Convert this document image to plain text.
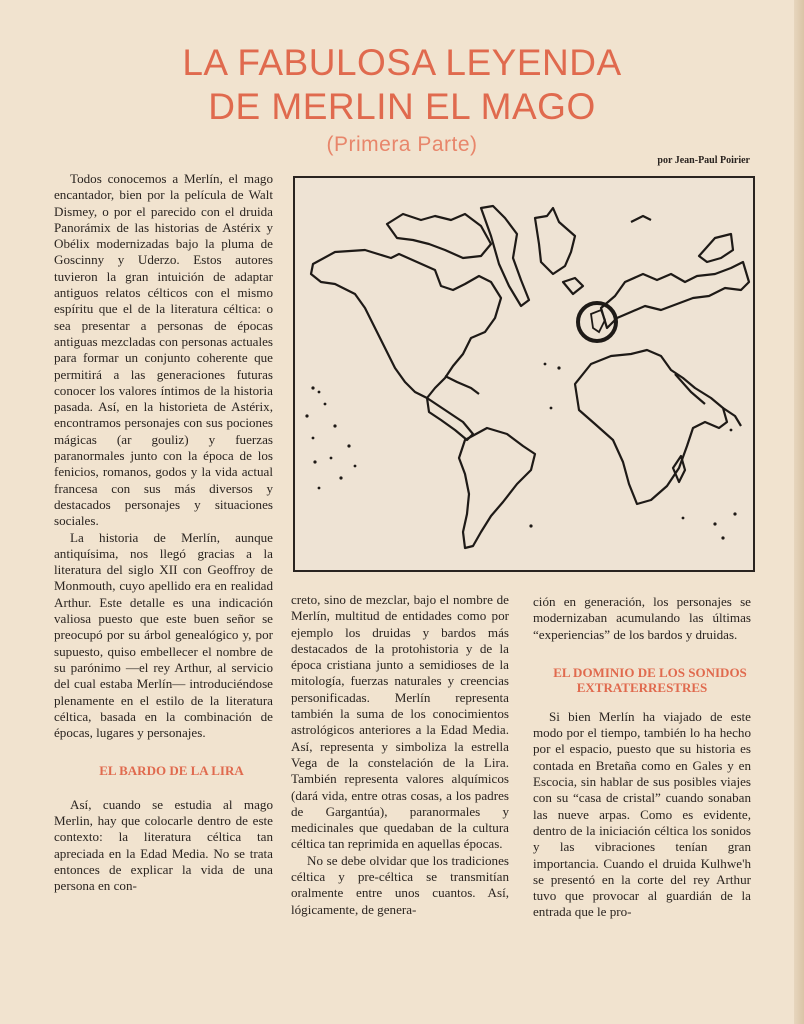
LA FABULOSA LEYENDA
DE MERLIN EL MAGO
(Primera Parte)
por Jean-Paul Poirier

Todos conocemos a Merlín, el mago encantador, bien por la película de Walt Dismey, o por el parecido con el druida Panorámix de las historias de Astérix y Obélix modernizadas bajo la pluma de Goscinny y Uderzo. Estos autores tuvieron la gran intuición de adaptar antiguos relatos célticos con el mismo espíritu que el de la literatura céltica: o sea presentar a personas de épocas antiguas mezcladas con personas actuales para formar un conjunto coherente que permitirá a las generaciones futuras conocer los valores íntimos de la historia pasada. Así, en la historieta de Astérix, encontramos personajes con sus pociones mágicas (ar gouliz) y fuerzas paranormales junto con la época de los fenicios, romanos, godos y la vida actual francesa con sus más diversos y destacados personajes y situaciones sociales.

La historia de Merlín, aunque antiquísima, nos llegó gracias a la literatura del siglo XII con Geoffroy de Monmouth, cuyo apellido era en realidad Arthur. Este detalle es una indicación valiosa puesto que este buen señor se preocupó por su árbol genealógico y, por supuesto, quiso embellecer el nombre de su parónimo —el rey Arthur, al servicio del cual estaba Merlín— introduciéndose plenamente en el estilo de la literatura céltica, basada en la combinación de épocas, lugares y personajes.

EL BARDO DE LA LIRA

Así, cuando se estudia al mago Merlin, hay que colocarle dentro de este contexto: la literatura céltica tan apreciada en la Edad Media. No se trata entonces de explicar la vida de una persona en con-

creto, sino de mezclar, bajo el nombre de Merlín, multitud de entidades como por ejemplo los druidas y bardos más destacados de la protohistoria y de la época cristiana junto a semidioses de la mitología, fuerzas naturales y creencias personificadas. Merlín representa también la suma de los conocimientos astrológicos anteriores a la Edad Media. Así, representa y simboliza la estrella Vega de la constelación de la Lira. También representa valores alquímicos (dará vida, entre otras cosas, a los padres de Gargantúa), paranormales y medicinales que quedaban de la cultura céltica tan reprimida en aquellas épocas.

No se debe olvidar que los tradiciones céltica y pre-céltica se transmitían oralmente entre unos cuantos. Así, lógicamente, de genera-

ción en generación, los personajes se modernizaban acumulando las últimas “experiencias” de los bardos y druidas.

EL DOMINIO DE LOS SONIDOS EXTRATERRESTRES

Si bien Merlín ha viajado de este modo por el tiempo, también lo ha hecho por el espacio, puesto que su historia es contada en Bretaña como en Gales y en Escocia, sin hablar de sus posibles viajes con su “casa de cristal” cuando sonaban las nueve arpas. Como es evidente, dentro de la iniciación céltica los sonidos y las vibraciones tenían gran importancia. Cuando el druida Kulhwe'h se presentó en la corte del rey Arthur tuvo que provocar al guardián de la entrada que le pro-
